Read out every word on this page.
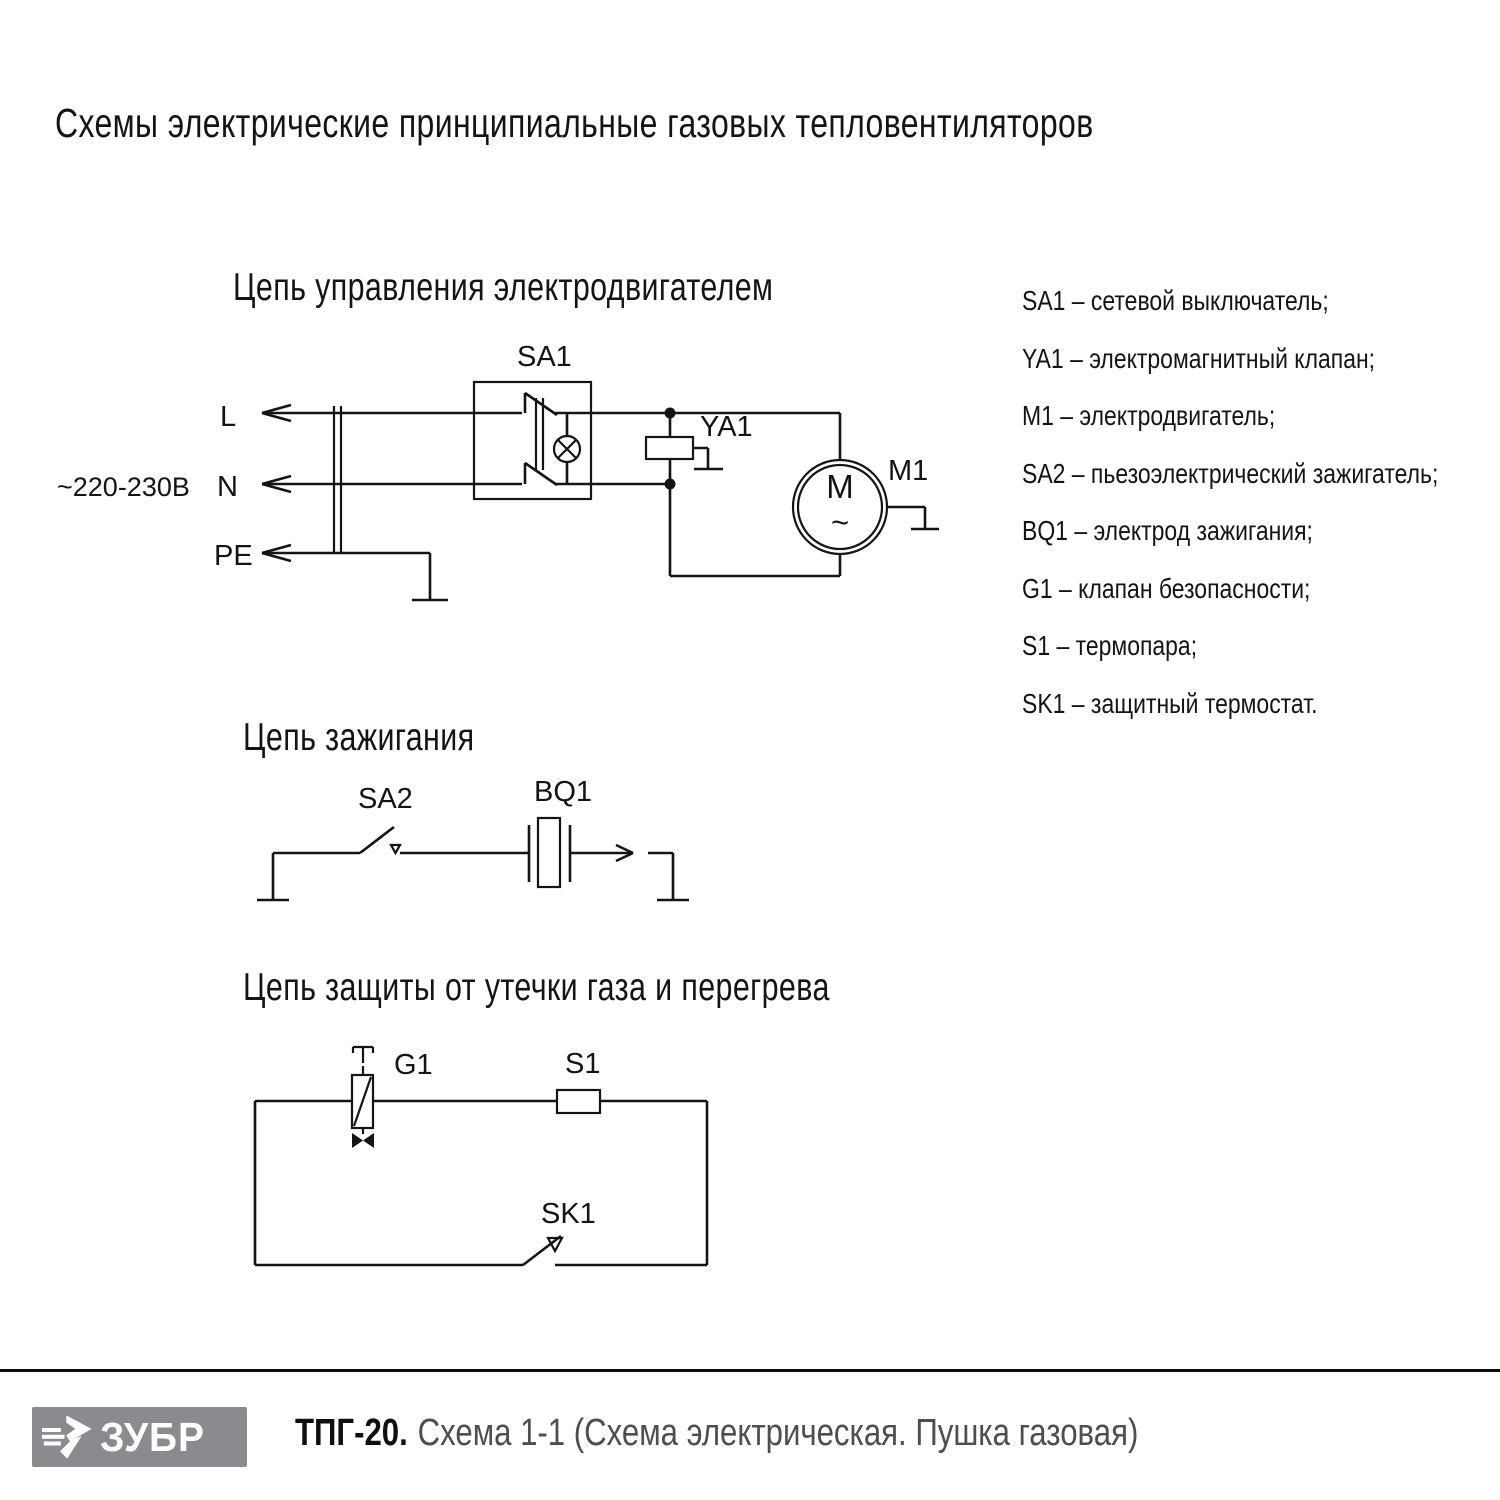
Схемы электрические принципиальные газовых тепловентиляторов
Цепь управления электродвигателем
L
N
PE
~220-230В
SA1
YA1
M
~
M1
SA1 – сетевой выключатель;
YA1 – электромагнитный клапан;
M1 – электродвигатель;
SA2 – пьезоэлектрический зажигатель;
BQ1 – электрод зажигания;
G1 – клапан безопасности;
S1 – термопара;
SK1 – защитный термостат.
Цепь зажигания
SA2	BQ1
Цепь защиты от утечки газа и перегрева
G1	S1
SK1
ЗУБР ТПГ-20. Схема 1-1 (Схема электрическая. Пушка газовая)
